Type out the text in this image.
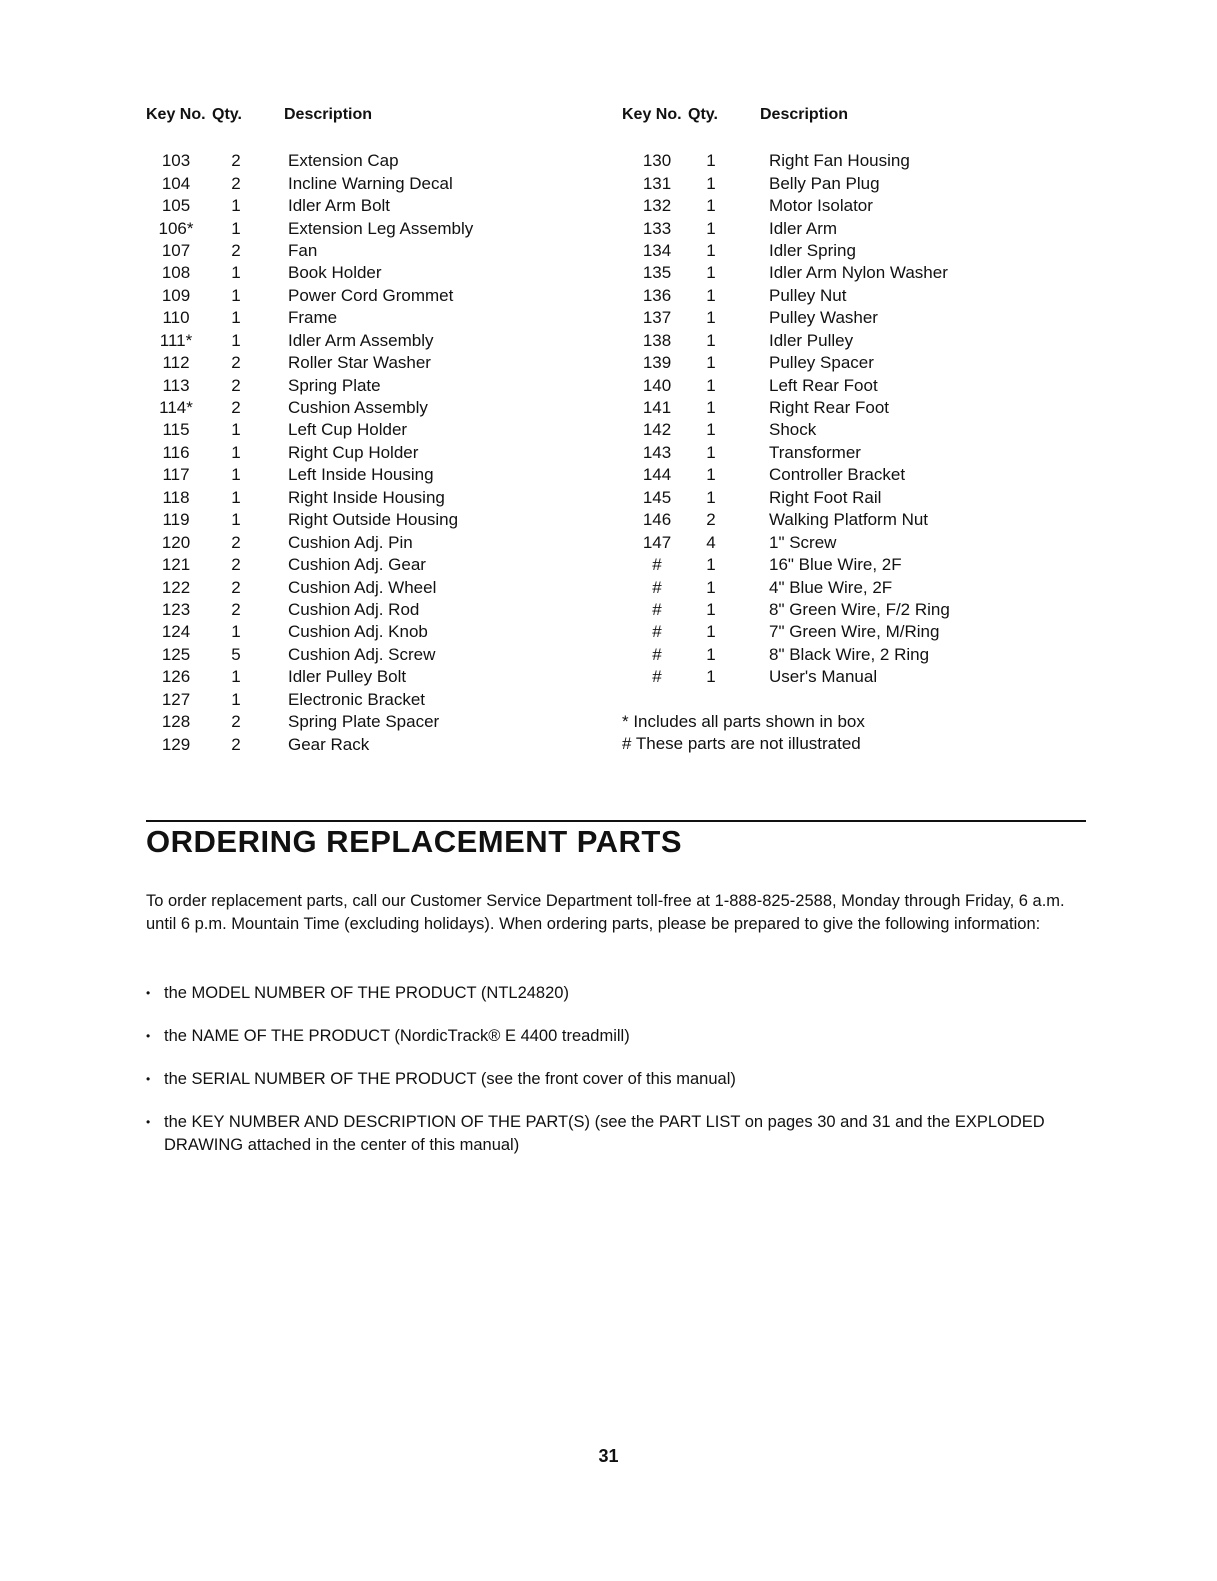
Key No. Qty.	Description
103	2	Extension Cap
104	2	Incline Warning Decal
105	1	Idler Arm Bolt
106*	1	Extension Leg Assembly
107	2	Fan
108	1	Book Holder
109	1	Power Cord Grommet
110	1	Frame
111*	1	Idler Arm Assembly
112	2	Roller Star Washer
113	2	Spring Plate
114*	2	Cushion Assembly
115	1	Left Cup Holder
116	1	Right Cup Holder
117	1	Left Inside Housing
118	1	Right Inside Housing
119	1	Right Outside Housing
120	2	Cushion Adj. Pin
121	2	Cushion Adj. Gear
122	2	Cushion Adj. Wheel
123	2	Cushion Adj. Rod
124	1	Cushion Adj. Knob
125	5	Cushion Adj. Screw
126	1	Idler Pulley Bolt
127	1	Electronic Bracket
128	2	Spring Plate Spacer
129	2	Gear Rack
Key No. Qty.	Description
130	1	Right Fan Housing
131	1	Belly Pan Plug
132	1	Motor Isolator
133	1	Idler Arm
134	1	Idler Spring
135	1	Idler Arm Nylon Washer
136	1	Pulley Nut
137	1	Pulley Washer
138	1	Idler Pulley
139	1	Pulley Spacer
140	1	Left Rear Foot
141	1	Right Rear Foot
142	1	Shock
143	1	Transformer
144	1	Controller Bracket
145	1	Right Foot Rail
146	2	Walking Platform Nut
147	4	1" Screw
#	1	16" Blue Wire, 2F
#	1	4" Blue Wire, 2F
#	1	8" Green Wire, F/2 Ring
#	1	7" Green Wire, M/Ring
#	1	8" Black Wire, 2 Ring
#	1	User's Manual
* Includes all parts shown in box
# These parts are not illustrated
ORDERING REPLACEMENT PARTS

To order replacement parts, call our Customer Service Department toll-free at 1-888-825-2588, Monday through Friday, 6 a.m. until 6 p.m. Mountain Time (excluding holidays). When ordering parts, please be prepared to give the following information:

• the MODEL NUMBER OF THE PRODUCT (NTL24820)
• the NAME OF THE PRODUCT (NordicTrack® E 4400 treadmill)
• the SERIAL NUMBER OF THE PRODUCT (see the front cover of this manual)
• the KEY NUMBER AND DESCRIPTION OF THE PART(S) (see the PART LIST on pages 30 and 31 and the EXPLODED DRAWING attached in the center of this manual)
31
